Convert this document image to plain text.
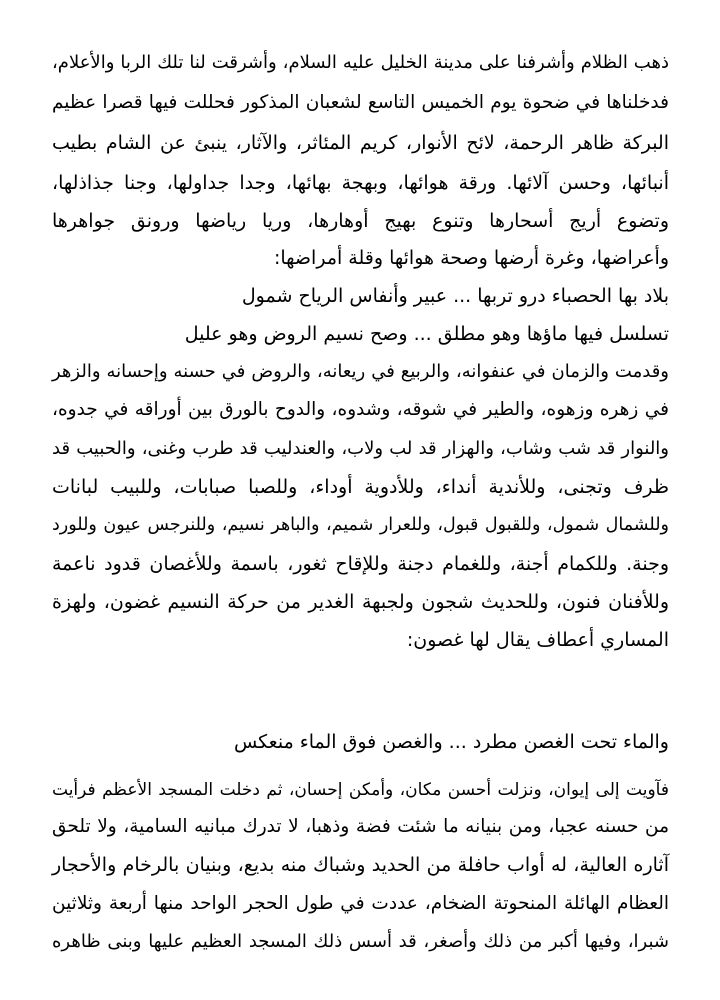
ذهب الظلام وأشرفنا على مدينة الخليل عليه السلام، وأشرقت لنا تلك الربا والأعلام،
فدخلناها في ضحوة يوم الخميس التاسع لشعبان المذكور فحللت فيها قصرا عظيم
البركة ظاهر الرحمة، لائح الأنوار، كريم المئاثر، والآثار، ينبئ عن الشام بطيب
أنبائها، وحسن آلائها. ورقة هوائها، وبهجة بهائها، وجدا جداولها، وجنا جذاذلها،
وتضوع أريج أسحارها وتنوع بهيج أوهارها، وريا رياضها ورونق جواهرها
وأعراضها، وغرة أرضها وصحة هوائها وقلة أمراضها:
بلاد بها الحصباء درو تربها ... عبير وأنفاس الرياح شمول
تسلسل فيها ماؤها وهو مطلق ... وصح نسيم الروض وهو عليل
وقدمت والزمان في عنفوانه، والربيع في ريعانه، والروض في حسنه وإحسانه والزهر
في زهره وزهوه، والطير في شوقه، وشدوه، والدوح بالورق بين أوراقه في جدوه،
والنوار قد شب وشاب، والهزار قد لب ولاب، والعندليب قد طرب وغنى، والحبيب قد
ظرف وتجنى، وللأندية أنداء، وللأدوية أوداء، وللصبا صبابات، وللبيب لبانات
وللشمال شمول، وللقبول قبول، وللعرار شميم، والباهر نسيم، وللنرجس عيون وللورد
وجنة. وللكمام أجنة، وللغمام دجنة وللإقاح ثغور، باسمة وللأغصان قدود ناعمة
وللأفنان فنون، وللحديث شجون ولجبهة الغدير من حركة النسيم غضون، ولهزة
المساري أعطاف يقال لها غصون:
والماء تحت الغصن مطرد ... والغصن فوق الماء منعكس
فآويت إلى إيوان، ونزلت أحسن مكان، وأمكن إحسان، ثم دخلت المسجد الأعظم فرأيت
من حسنه عجبا، ومن بنيانه ما شئت فضة وذهبا، لا تدرك مبانيه السامية، ولا تلحق
آثاره العالية، له أواب حافلة من الحديد وشباك منه بديع، وبنيان بالرخام والأحجار
العظام الهائلة المنحوتة الضخام، عددت في طول الحجر الواحد منها أربعة وثلاثين
شبرا، وفيها أكبر من ذلك وأصغر، قد أسس ذلك المسجد العظيم عليها وبنى ظاهره
